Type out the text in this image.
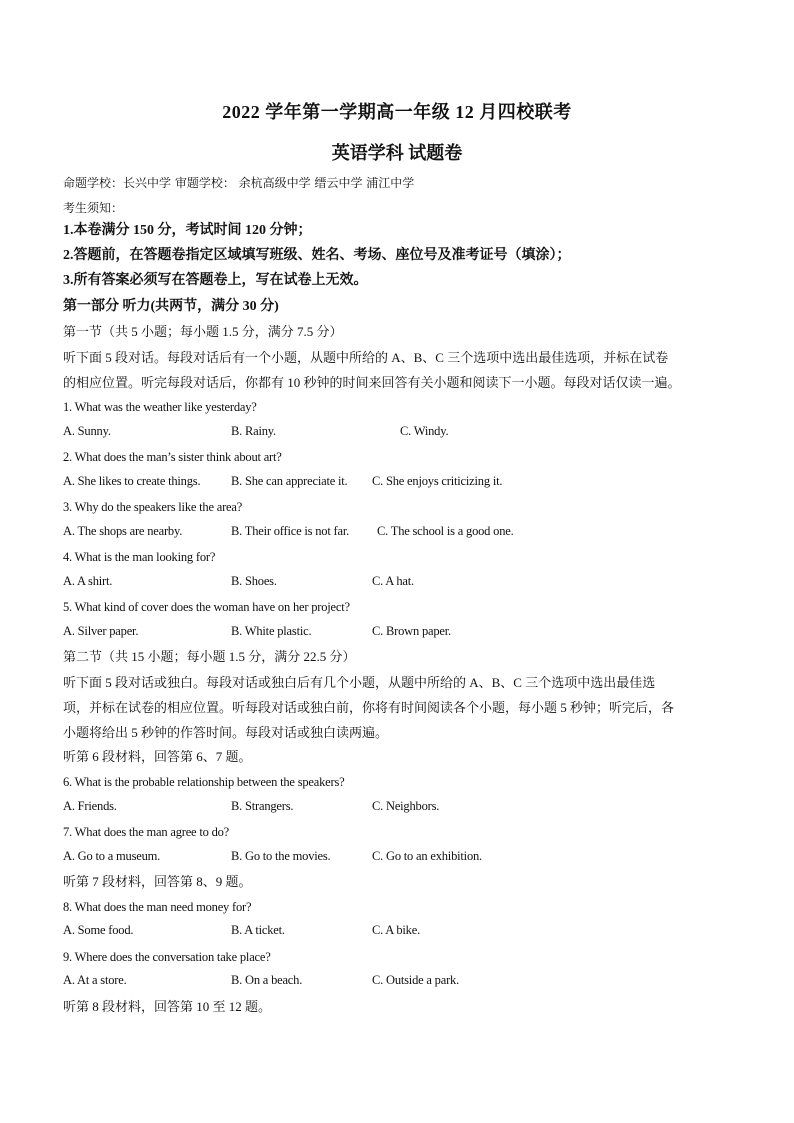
2022 学年第一学期高一年级 12 月四校联考
英语学科 试题卷
命题学校：长兴中学 审题学校： 余杭高级中学 缙云中学 浦江中学
考生须知：
1.本卷满分 150 分，考试时间 120 分钟；
2.答题前，在答题卷指定区域填写班级、姓名、考场、座位号及准考证号（填涂）；
3.所有答案必须写在答题卷上，写在试卷上无效。
第一部分 听力(共两节，满分 30 分)
第一节（共 5 小题；每小题 1.5 分，满分 7.5 分）
听下面 5 段对话。每段对话后有一个小题，从题中所给的 A、B、C 三个选项中选出最佳选项，并标在试卷
的相应位置。听完每段对话后，你都有 10 秒钟的时间来回答有关小题和阅读下一小题。每段对话仅读一遍。
1. What was the weather like yesterday?
A. Sunny.	B. Rainy.	C. Windy.
2. What does the man’s sister think about art?
A. She likes to create things. B. She can appreciate it. C. She enjoys criticizing it.
3. Why do the speakers like the area?
A. The shops are nearby.	B. Their office is not far. C. The school is a good one.
4. What is the man looking for?
A. A shirt.	B. Shoes.	C. A hat.
5. What kind of cover does the woman have on her project?
A. Silver paper.	B. White plastic.	C. Brown paper.
第二节（共 15 小题；每小题 1.5 分，满分 22.5 分）
听下面 5 段对话或独白。每段对话或独白后有几个小题，从题中所给的 A、B、C 三个选项中选出最佳选
项，并标在试卷的相应位置。听每段对话或独白前，你将有时间阅读各个小题，每小题 5 秒钟；听完后，各
小题将给出 5 秒钟的作答时间。每段对话或独白读两遍。
听第 6 段材料，回答第 6、7 题。
6. What is the probable relationship between the speakers?
A. Friends.	B. Strangers.	C. Neighbors.
7. What does the man agree to do?
A. Go to a museum.	B. Go to the movies.	C. Go to an exhibition.
听第 7 段材料，回答第 8、9 题。
8. What does the man need money for?
A. Some food.	B. A ticket.	C. A bike.
9. Where does the conversation take place?
A. At a store.	B. On a beach.	C. Outside a park.
听第 8 段材料，回答第 10 至 12 题。
